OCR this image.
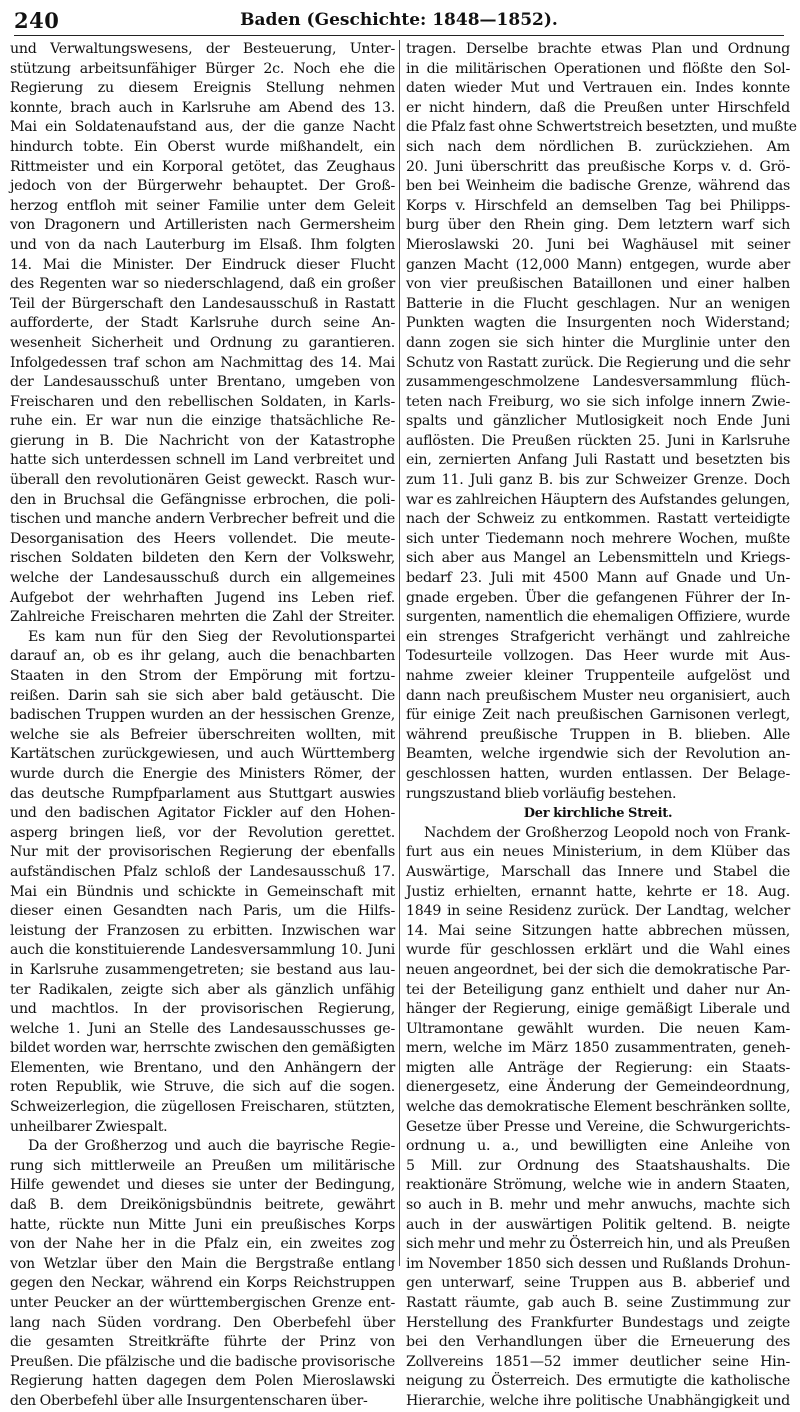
240	Baden (Geschichte: 1848—1852).
und Verwaltungswesens, der Besteuerung, Unter-
stützung arbeitsunfähiger Bürger 2c. Noch ehe die
Regierung zu diesem Ereignis Stellung nehmen
konnte, brach auch in Karlsruhe am Abend des 13.
Mai ein Soldatenaufstand aus, der die ganze Nacht
hindurch tobte. Ein Oberst wurde mißhandelt, ein
Rittmeister und ein Korporal getötet, das Zeughaus
jedoch von der Bürgerwehr behauptet. Der Groß-
herzog entfloh mit seiner Familie unter dem Geleit
von Dragonern und Artilleristen nach Germersheim
und von da nach Lauterburg im Elsaß. Ihm folgten
14. Mai die Minister. Der Eindruck dieser Flucht
des Regenten war so niederschlagend, daß ein großer
Teil der Bürgerschaft den Landesausschuß in Rastatt
aufforderte, der Stadt Karlsruhe durch seine An-
wesenheit Sicherheit und Ordnung zu garantieren.
Infolgedessen traf schon am Nachmittag des 14. Mai
der Landesausschuß unter Brentano, umgeben von
Freischaren und den rebellischen Soldaten, in Karls-
ruhe ein. Er war nun die einzige thatsächliche Re-
gierung in B. Die Nachricht von der Katastrophe
hatte sich unterdessen schnell im Land verbreitet und
überall den revolutionären Geist geweckt. Rasch wur-
den in Bruchsal die Gefängnisse erbrochen, die poli-
tischen und manche andern Verbrecher befreit und die
Desorganisation des Heers vollendet. Die meute-
rischen Soldaten bildeten den Kern der Volkswehr,
welche der Landesausschuß durch ein allgemeines
Aufgebot der wehrhaften Jugend ins Leben rief.
Zahlreiche Freischaren mehrten die Zahl der Streiter.
Es kam nun für den Sieg der Revolutionspartei
darauf an, ob es ihr gelang, auch die benachbarten
Staaten in den Strom der Empörung mit fortzu-
reißen. Darin sah sie sich aber bald getäuscht. Die
badischen Truppen wurden an der hessischen Grenze,
welche sie als Befreier überschreiten wollten, mit
Kartätschen zurückgewiesen, und auch Württemberg
wurde durch die Energie des Ministers Römer, der
das deutsche Rumpfparlament aus Stuttgart auswies
und den badischen Agitator Fickler auf den Hohen-
asperg bringen ließ, vor der Revolution gerettet.
Nur mit der provisorischen Regierung der ebenfalls
aufständischen Pfalz schloß der Landesausschuß 17.
Mai ein Bündnis und schickte in Gemeinschaft mit
dieser einen Gesandten nach Paris, um die Hilfs-
leistung der Franzosen zu erbitten. Inzwischen war
auch die konstituierende Landesversammlung 10. Juni
in Karlsruhe zusammengetreten; sie bestand aus lau-
ter Radikalen, zeigte sich aber als gänzlich unfähig
und machtlos. In der provisorischen Regierung,
welche 1. Juni an Stelle des Landesausschusses ge-
bildet worden war, herrschte zwischen den gemäßigten
Elementen, wie Brentano, und den Anhängern der
roten Republik, wie Struve, die sich auf die sogen.
Schweizerlegion, die zügellosen Freischaren, stützten,
unheilbarer Zwiespalt.
Da der Großherzog und auch die bayrische Regie-
rung sich mittlerweile an Preußen um militärische
Hilfe gewendet und dieses sie unter der Bedingung,
daß B. dem Dreikönigsbündnis beitrete, gewährt
hatte, rückte nun Mitte Juni ein preußisches Korps
von der Nahe her in die Pfalz ein, ein zweites zog
von Wetzlar über den Main die Bergstraße entlang
gegen den Neckar, während ein Korps Reichstruppen
unter Peucker an der württembergischen Grenze ent-
lang nach Süden vordrang. Den Oberbefehl über
die gesamten Streitkräfte führte der Prinz von
Preußen. Die pfälzische und die badische provisorische
Regierung hatten dagegen dem Polen Mieroslawski
den Oberbefehl über alle Insurgentenscharen über-
tragen. Derselbe brachte etwas Plan und Ordnung
in die militärischen Operationen und flößte den Sol-
daten wieder Mut und Vertrauen ein. Indes konnte
er nicht hindern, daß die Preußen unter Hirschfeld
die Pfalz fast ohne Schwertstreich besetzten, und mußte
sich nach dem nördlichen B. zurückziehen. Am
20. Juni überschritt das preußische Korps v. d. Grö-
ben bei Weinheim die badische Grenze, während das
Korps v. Hirschfeld an demselben Tag bei Philipps-
burg über den Rhein ging. Dem letztern warf sich
Mieroslawski 20. Juni bei Waghäusel mit seiner
ganzen Macht (12,000 Mann) entgegen, wurde aber
von vier preußischen Bataillonen und einer halben
Batterie in die Flucht geschlagen. Nur an wenigen
Punkten wagten die Insurgenten noch Widerstand;
dann zogen sie sich hinter die Murglinie unter den
Schutz von Rastatt zurück. Die Regierung und die sehr
zusammengeschmolzene Landesversammlung flüch-
teten nach Freiburg, wo sie sich infolge innern Zwie-
spalts und gänzlicher Mutlosigkeit noch Ende Juni
auflösten. Die Preußen rückten 25. Juni in Karlsruhe
ein, zernierten Anfang Juli Rastatt und besetzten bis
zum 11. Juli ganz B. bis zur Schweizer Grenze. Doch
war es zahlreichen Häuptern des Aufstandes gelungen,
nach der Schweiz zu entkommen. Rastatt verteidigte
sich unter Tiedemann noch mehrere Wochen, mußte
sich aber aus Mangel an Lebensmitteln und Kriegs-
bedarf 23. Juli mit 4500 Mann auf Gnade und Un-
gnade ergeben. Über die gefangenen Führer der In-
surgenten, namentlich die ehemaligen Offiziere, wurde
ein strenges Strafgericht verhängt und zahlreiche
Todesurteile vollzogen. Das Heer wurde mit Aus-
nahme zweier kleiner Truppenteile aufgelöst und
dann nach preußischem Muster neu organisiert, auch
für einige Zeit nach preußischen Garnisonen verlegt,
während preußische Truppen in B. blieben. Alle
Beamten, welche irgendwie sich der Revolution an-
geschlossen hatten, wurden entlassen. Der Belage-
rungszustand blieb vorläufig bestehen.
Der kirchliche Streit.
Nachdem der Großherzog Leopold noch von Frank-
furt aus ein neues Ministerium, in dem Klüber das
Auswärtige, Marschall das Innere und Stabel die
Justiz erhielten, ernannt hatte, kehrte er 18. Aug.
1849 in seine Residenz zurück. Der Landtag, welcher
14. Mai seine Sitzungen hatte abbrechen müssen,
wurde für geschlossen erklärt und die Wahl eines
neuen angeordnet, bei der sich die demokratische Par-
tei der Beteiligung ganz enthielt und daher nur An-
hänger der Regierung, einige gemäßigt Liberale und
Ultramontane gewählt wurden. Die neuen Kam-
mern, welche im März 1850 zusammentraten, geneh-
migten alle Anträge der Regierung: ein Staats-
dienergesetz, eine Änderung der Gemeindeordnung,
welche das demokratische Element beschränken sollte,
Gesetze über Presse und Vereine, die Schwurgerichts-
ordnung u. a., und bewilligten eine Anleihe von
5 Mill. zur Ordnung des Staatshaushalts. Die
reaktionäre Strömung, welche wie in andern Staaten,
so auch in B. mehr und mehr anwuchs, machte sich
auch in der auswärtigen Politik geltend. B. neigte
sich mehr und mehr zu Österreich hin, und als Preußen
im November 1850 sich dessen und Rußlands Drohun-
gen unterwarf, seine Truppen aus B. abberief und
Rastatt räumte, gab auch B. seine Zustimmung zur
Herstellung des Frankfurter Bundestags und zeigte
bei den Verhandlungen über die Erneuerung des
Zollvereins 1851—52 immer deutlicher seine Hin-
neigung zu Österreich. Des ermutigte die katholische
Hierarchie, welche ihre politische Unabhängigkeit und
